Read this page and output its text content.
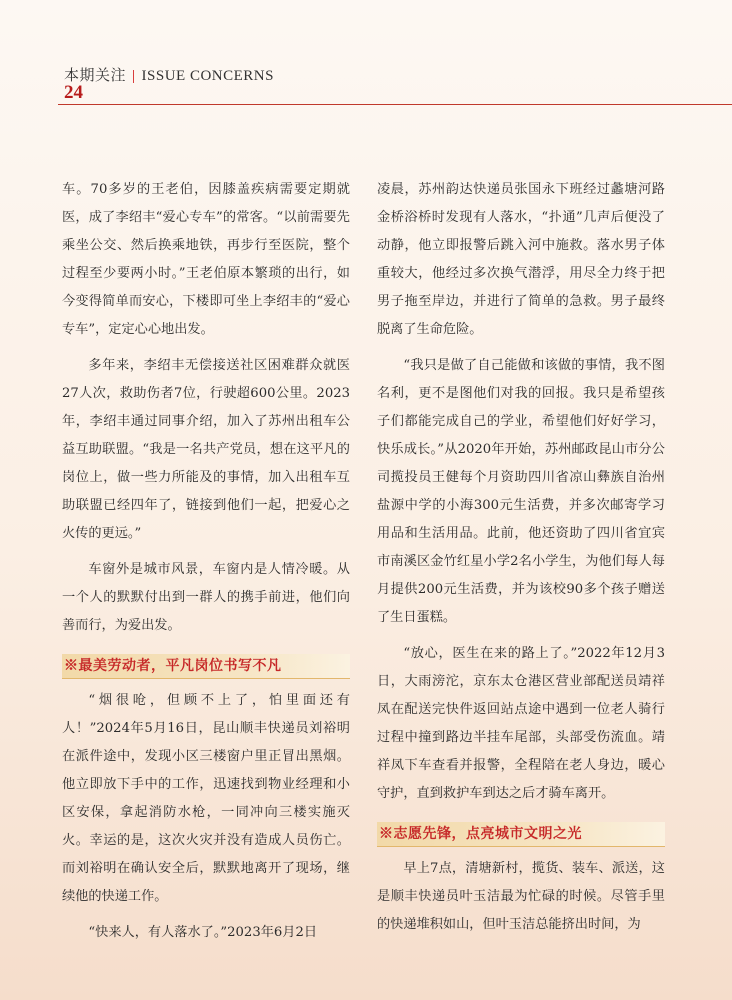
本期关注 | ISSUE CONCERNS
24

车。70多岁的王老伯，因膝盖疾病需要定期就医，成了李绍丰“爱心专车”的常客。“以前需要先乘坐公交、然后换乘地铁，再步行至医院，整个过程至少要两小时。”王老伯原本繁琐的出行，如今变得简单而安心，下楼即可坐上李绍丰的“爱心专车”，定定心心地出发。

多年来，李绍丰无偿接送社区困难群众就医27人次，救助伤者7位，行驶超600公里。2023年，李绍丰通过同事介绍，加入了苏州出租车公益互助联盟。“我是一名共产党员，想在这平凡的岗位上，做一些力所能及的事情，加入出租车互助联盟已经四年了，链接到他们一起，把爱心之火传的更远。”

车窗外是城市风景，车窗内是人情冷暖。从一个人的默默付出到一群人的携手前进，他们向善而行，为爱出发。

※最美劳动者，平凡岗位书写不凡

“烟很呛，但顾不上了，怕里面还有人！”2024年5月16日，昆山顺丰快递员刘裕明在派件途中，发现小区三楼窗户里正冒出黑烟。他立即放下手中的工作，迅速找到物业经理和小区安保，拿起消防水枪，一同冲向三楼实施灭火。幸运的是，这次火灾并没有造成人员伤亡。而刘裕明在确认安全后，默默地离开了现场，继续他的快递工作。

“快来人，有人落水了。”2023年6月2日

凌晨，苏州韵达快递员张国永下班经过蠡塘河路金桥浴桥时发现有人落水，“扑通”几声后便没了动静，他立即报警后跳入河中施救。落水男子体重较大，他经过多次换气潜浮，用尽全力终于把男子拖至岸边，并进行了简单的急救。男子最终脱离了生命危险。

“我只是做了自己能做和该做的事情，我不图名利，更不是图他们对我的回报。我只是希望孩子们都能完成自己的学业，希望他们好好学习，快乐成长。”从2020年开始，苏州邮政昆山市分公司揽投员王健每个月资助四川省凉山彝族自治州盐源中学的小海300元生活费，并多次邮寄学习用品和生活用品。此前，他还资助了四川省宜宾市南溪区金竹红星小学2名小学生，为他们每人每月提供200元生活费，并为该校90多个孩子赠送了生日蛋糕。

“放心，医生在来的路上了。”2022年12月3日，大雨滂沱，京东太仓港区营业部配送员靖祥凤在配送完快件返回站点途中遇到一位老人骑行过程中撞到路边半挂车尾部，头部受伤流血。靖祥凤下车查看并报警，全程陪在老人身边，暖心守护，直到救护车到达之后才骑车离开。

※志愿先锋，点亮城市文明之光

早上7点，清塘新村，揽货、装车、派送，这是顺丰快递员叶玉洁最为忙碌的时候。尽管手里的快递堆积如山，但叶玉洁总能挤出时间，为
